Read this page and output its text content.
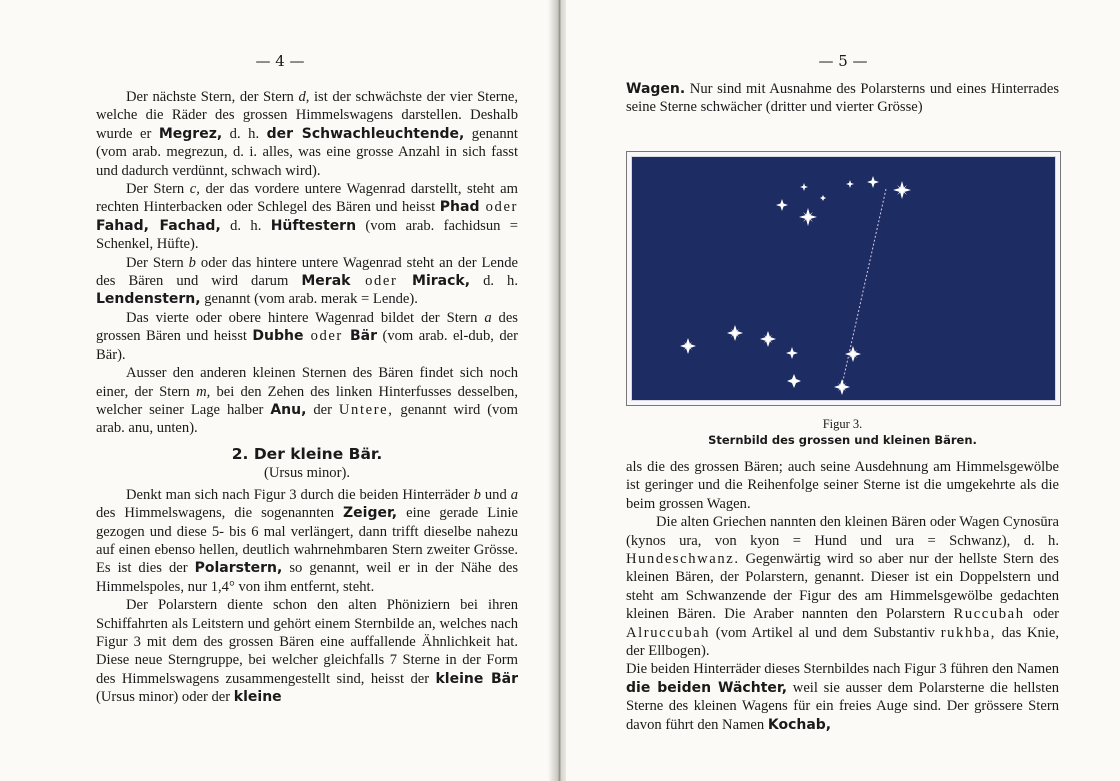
— 4 —

Der nächste Stern, der Stern d, ist der schwächste der vier Sterne, welche die Räder des grossen Himmelswagens darstellen. Deshalb wurde er Megrez, d. h. der Schwachleuchtende, genannt (vom arab. megrezun, d. i. alles, was eine grosse Anzahl in sich fasst und dadurch verdünnt, schwach wird).

Der Stern c, der das vordere untere Wagenrad darstellt, steht am rechten Hinterbacken oder Schlegel des Bären und heisst Phad oder Fahad, Fachad, d. h. Hüftestern (vom arab. fachidsun = Schenkel, Hüfte).

Der Stern b oder das hintere untere Wagenrad steht an der Lende des Bären und wird darum Merak oder Mirack, d. h. Lendenstern, genannt (vom arab. merak = Lende).

Das vierte oder obere hintere Wagenrad bildet der Stern a des grossen Bären und heisst Dubhe oder Bär (vom arab. el-dub, der Bär).

Ausser den anderen kleinen Sternen des Bären findet sich noch einer, der Stern m, bei den Zehen des linken Hinterfusses desselben, welcher seiner Lage halber Anu, der Untere, genannt wird (vom arab. anu, unten).

2. Der kleine Bär.
(Ursus minor).

Denkt man sich nach Figur 3 durch die beiden Hinterräder b und a des Himmelswagens, die sogenannten Zeiger, eine gerade Linie gezogen und diese 5- bis 6 mal verlängert, dann trifft dieselbe nahezu auf einen ebenso hellen, deutlich wahrnehmbaren Stern zweiter Grösse. Es ist dies der Polarstern, so genannt, weil er in der Nähe des Himmelspoles, nur 1,4° von ihm entfernt, steht.

Der Polarstern diente schon den alten Phöniziern bei ihren Schiffahrten als Leitstern und gehört einem Sternbilde an, welches nach Figur 3 mit dem des grossen Bären eine auffallende Ähnlichkeit hat. Diese neue Sterngruppe, bei welcher gleichfalls 7 Sterne in der Form des Himmelswagens zusammengestellt sind, heisst der kleine Bär (Ursus minor) oder der kleine

— 5 —

Wagen. Nur sind mit Ausnahme des Polarsterns und eines Hinterrades seine Sterne schwächer (dritter und vierter Grösse)

Figur 3.
Sternbild des grossen und kleinen Bären.

als die des grossen Bären; auch seine Ausdehnung am Himmelsgewölbe ist geringer und die Reihenfolge seiner Sterne ist die umgekehrte als die beim grossen Wagen.

Die alten Griechen nannten den kleinen Bären oder Wagen Cynosūra (kynos ura, von kyon = Hund und ura = Schwanz), d. h. Hundeschwanz. Gegenwärtig wird so aber nur der hellste Stern des kleinen Bären, der Polarstern, genannt. Dieser ist ein Doppelstern und steht am Schwanzende der Figur des am Himmelsgewölbe gedachten kleinen Bären. Die Araber nannten den Polarstern Ruccubah oder Alruccubah (vom Artikel al und dem Substantiv rukhba, das Knie, der Ellbogen).

Die beiden Hinterräder dieses Sternbildes nach Figur 3 führen den Namen die beiden Wächter, weil sie ausser dem Polarsterne die hellsten Sterne des kleinen Wagens für ein freies Auge sind. Der grössere Stern davon führt den Namen Kochab,
